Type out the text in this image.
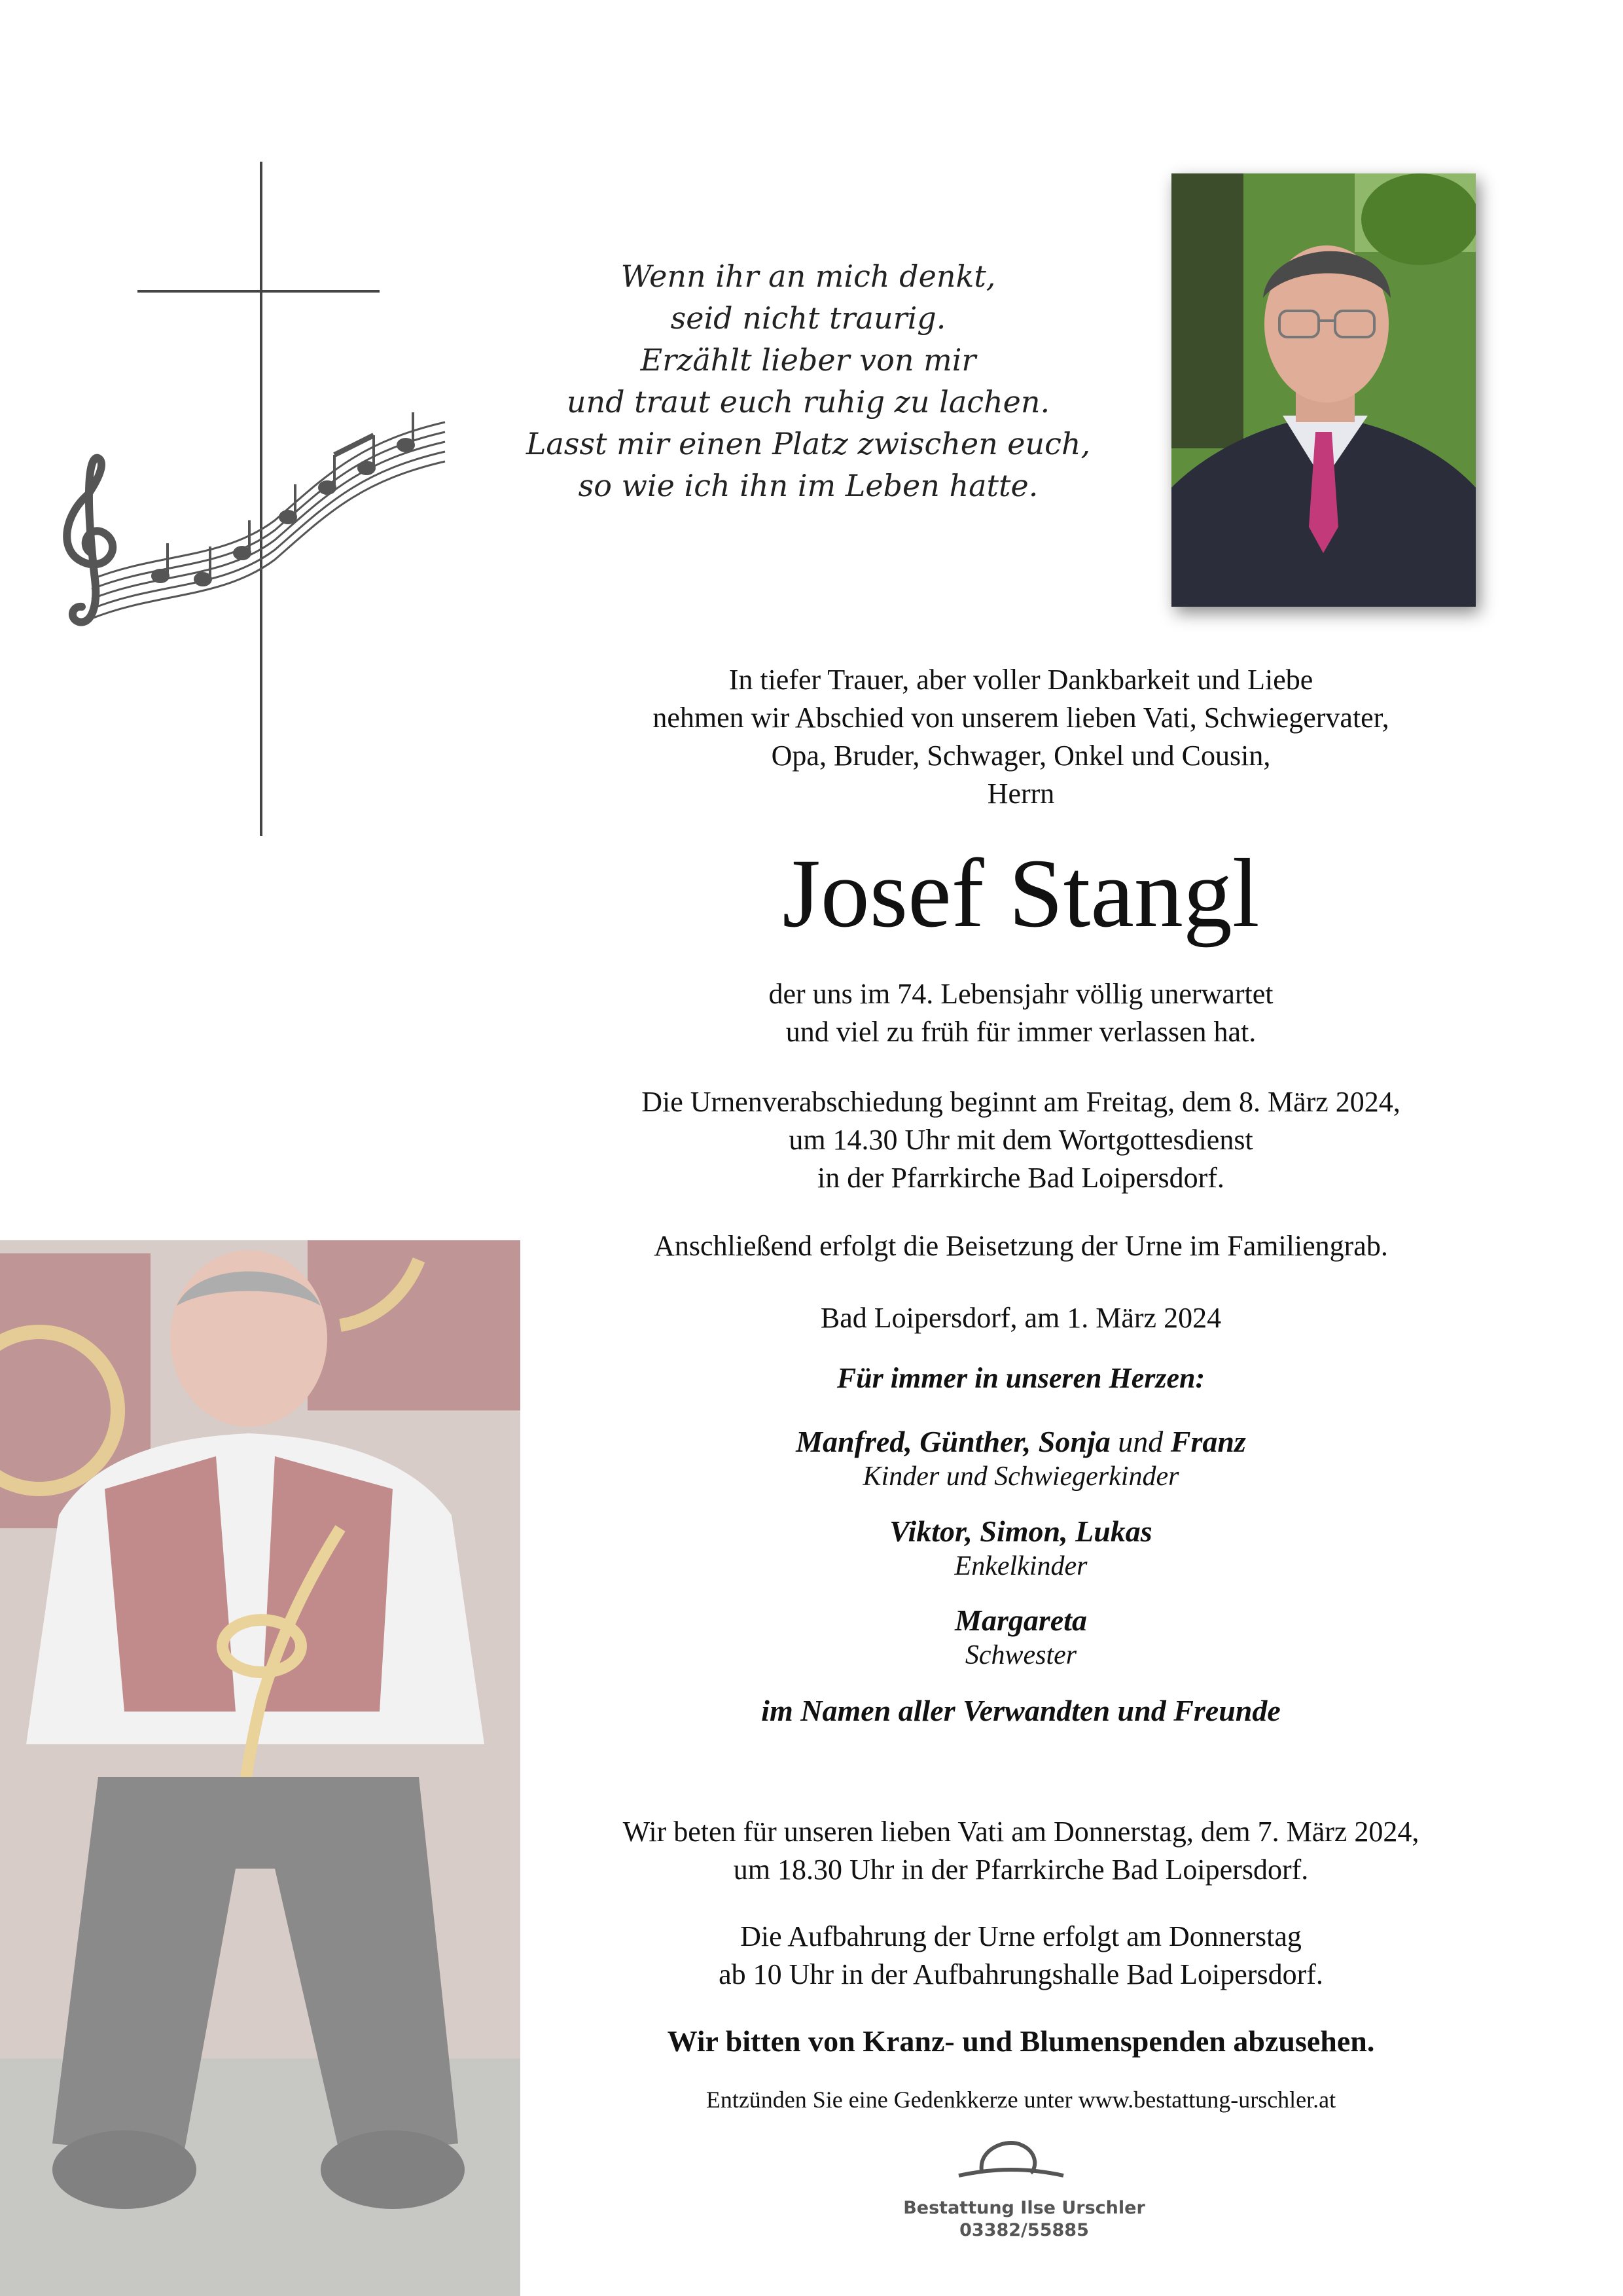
Wenn ihr an mich denkt,
seid nicht traurig.
Erzählt lieber von mir
und traut euch ruhig zu lachen.
Lasst mir einen Platz zwischen euch,
so wie ich ihn im Leben hatte.
In tiefer Trauer, aber voller Dankbarkeit und Liebe
nehmen wir Abschied von unserem lieben Vati, Schwiegervater,
Opa, Bruder, Schwager, Onkel und Cousin,
Herrn
Josef Stangl
der uns im 74. Lebensjahr völlig unerwartet
und viel zu früh für immer verlassen hat.
Die Urnenverabschiedung beginnt am Freitag, dem 8. März 2024,
um 14.30 Uhr mit dem Wortgottesdienst
in der Pfarrkirche Bad Loipersdorf.
Anschließend erfolgt die Beisetzung der Urne im Familiengrab.
Bad Loipersdorf, am 1. März 2024
Für immer in unseren Herzen:
Manfred, Günther, Sonja und Franz
Kinder und Schwiegerkinder
Viktor, Simon, Lukas
Enkelkinder
Margareta
Schwester
im Namen aller Verwandten und Freunde
Wir beten für unseren lieben Vati am Donnerstag, dem 7. März 2024,
um 18.30 Uhr in der Pfarrkirche Bad Loipersdorf.
Die Aufbahrung der Urne erfolgt am Donnerstag
ab 10 Uhr in der Aufbahrungshalle Bad Loipersdorf.
Wir bitten von Kranz- und Blumenspenden abzusehen.
Entzünden Sie eine Gedenkkerze unter www.bestattung-urschler.at
Bestattung Ilse Urschler
03382/55885
